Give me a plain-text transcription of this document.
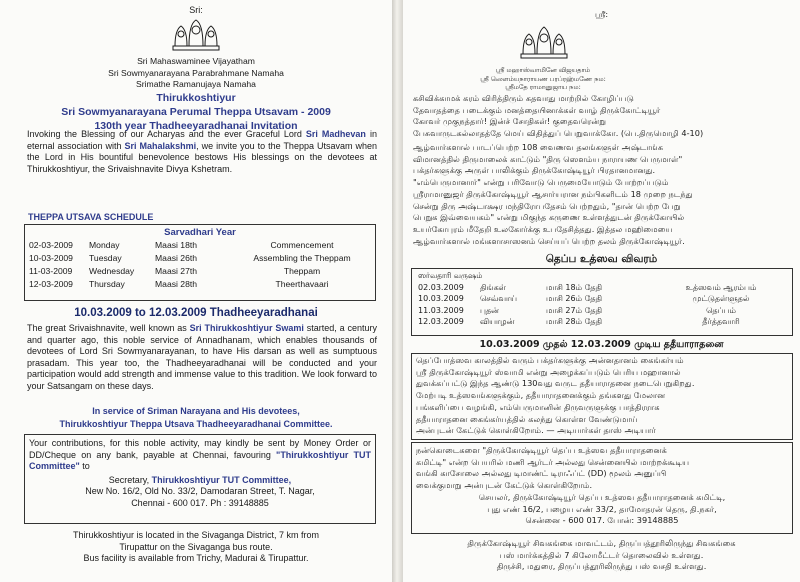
Sri:
Sri Mahaswaminee Vijayatham
Sri Sowmyanarayana Parabrahmane Namaha
Srimathe Ramanujaya Namaha
Thirukkoshtiyur
Sri Sowmyanarayana Perumal Theppa Utsavam - 2009
130th year Thadheeyaradhanai Invitation

Invoking the Blessing of our Acharyas and the ever Graceful Lord Sri Madhevan in eternal association with Sri Mahalakshmi, we invite you to the Theppa Utsavam when the Lord in His bountiful benevolence bestows His blessings on the devotees at Thirukkoshtiyur, the Srivaishnavite Divya Kshetram.

THEPPA UTSAVA SCHEDULE
Sarvadhari Year
02-03-2009	Monday	Maasi 18th	Commencement
10-03-2009	Tuesday	Maasi 26th	Assembling the Theppam
11-03-2009	Wednesday	Maasi 27th	Theppam
12-03-2009	Thursday	Maasi 28th	Theerthavaari
10.03.2009 to 12.03.2009 Thadheeyaradhanai

The great Srivaishnavite, well known as Sri Thirukkoshtiyur Swami started, a century and quarter ago, this noble service of Annadhanam, which enables thousands of devotees of Lord Sri Sowmyanarayanan, to have His darsan as well as sumptuous prasadam. This year too, the Thadheeyaradhanai will be conducted and your participation would add strength and immense value to this tradition. We look forward to your Satsangam on these days.

In service of Sriman Narayana and His devotees,
Thirukkoshtiyur Theppa Utsava Thadheeyaradhanai Committee.

Your contributions, for this noble activity, may kindly be sent by Money Order or DD/Cheque on any bank, payable at Chennai, favouring "Thirukkoshtiyur TUT Committee" to

Secretary, Thirukkoshtiyur TUT Committee,
New No. 16/2, Old No. 33/2, Damodaran Street, T. Nagar,
Chennai - 600 017. Ph : 39148885
Thirukkoshtiyur is located in the Sivaganga District, 7 km from
Tirupattur on the Sivaganga bus route.
Bus facility is available from Trichy, Madurai & Tirupattur.
ஸ்ரீ:
ஸ்ரீ மஹாஸ்வாமினே விஜயதாம்
ஸ்ரீ ஸௌம்யநாராயண பரப்ரஹ்மணே நம:
ஸ்ரீமதே ராமானுஜாய நம:
கசிவிக்காமக் கரம் விரித்திரும் கதவாது மாற்றில் கோழிப்படு
தேவாதத்தை படைக்கும் மனத்தையினாக்கள் வாழ் திருக்கோட்டியூர்
கோவர் முகுநத்தார்! இன்ச் சோதிகள்! குதைவரென்று
பேசுவாருடகல்லாதத்தே மெய் விதித்துப் பெறுவாக்கோ. (பெ.திருமொழி 4-10)
ஆழ்வார்களால் பாடப்பெற்ற 108 வைணவ தலங்களுள் அஷ்டாங்க
விமானத்தில் திருமாலைக் காட்டும் "திரு ஸௌம்ய நாராயண பெருமாள்"
பக்தர்களுக்கு அருள் பாலிக்கும் திருக்கோஷ்டியூர் பிரதானமானது.
"எம்பெருமானார்" என்று பரிவோடு பெருமையோடும் போற்றப்படும்
ஸ்ரீராமானுஜர் திருக்கோஷ்டியூர் ஆசார்யரான நம்பிகளிடம் 18 முறை நடந்து
சென்று திரு அஷ்டாக்ஷர மந்திரோபதேசம் பெற்றதும், "தான் பெற்ற பேறு
பெறுக இவ்வையகம்" என்று மிகுந்த கருணை உள்ளத்துடன் திருக்கோயில்
உயர்கோபுரம் மீதேறி உலகோர்க்கு உபதேசித்தது. இத்தல மஹிமையை
ஆழ்வார்களால் மங்களாசாஸனம் செய்யப் பெற்ற தலம் திருக்கோஷ்டியூர்.
தெப்ப உத்ஸவ விவரம்
ஸர்வதாரி வருஷம்
02.03.2009	திங்கள்	மாசி 18ம் தேதி	உத்ஸவம் ஆரம்பம்
10.03.2009	செவ்வாய்	மாசி 26ம் தேதி	முட்டுதள்ளுதல்
11.03.2009	புதன்	மாசி 27ம் தேதி	தெப்பம்
12.03.2009	வியாழன்	மாசி 28ம் தேதி	தீர்த்தவாரி
10.03.2009 முதல் 12.03.2009 முடிய ததீயாராதனை
தெப்போத்ஸவ காலத்தில் வரும் பக்தர்களுக்கு அன்னதானம் கைங்கர்யம்
ஸ்ரீ திருக்கோஷ்டியூர் ஸ்வாமி என்று அழைக்கப்படும் பெரிய மஹானால்
துவக்கப்பட்டு இந்த ஆண்டு 130வது வருட ததீயாராதனை நடைபெறுகிறது.
மேற்படி உத்ஸவங்களுக்கும், ததீயாராதனைக்கும் தங்களது மேலான
பங்களிப்பை வழங்கி, எம்பெருமானின் திருவருளுக்கு பாத்திரராக
ததீயாராதனை கைங்கர்யத்தில் கலந்து கொள்ள வேண்டுமாய்
அன்புடன் கேட்டுக் கொள்கிறோம். — அடியார்கள் தாஸ் அடியார்
நன்கொடைகளை "திருக்கோஷ்டியூர் தெப்ப உத்ஸவ ததீயாராதனைக்
கமிட்டி" என்ற பெயரில் மணி ஆர்டர் அல்லது சென்னையில் மாற்றக்கூடிய
வங்கி காசோலை அல்லது டிமாண்ட் டிராஃப்ட் (DD) மூலம் அனுப்பி
வைக்குமாறு அன்புடன் கேட்டுக் கொள்கிறோம்.
செயலர், திருக்கோஷ்டியூர் தெப்ப உத்ஸவ ததீயாராதனைக் கமிட்டி,
புது எண் 16/2, பழைய எண் 33/2, தாமோதரன் தெரு, தி.நகர்,
சென்னை - 600 017. போன்: 39148885
திருக்கோஷ்டியூர் சிவகங்கை மாவட்டம், திருப்பத்தூரிலிருந்து சிவகங்கை
பஸ் மார்க்கத்தில் 7 கிலோமீட்டர் தொலைவில் உள்ளது.
திருச்சி, மதுரை, திருப்பத்தூரிலிருந்து பஸ் வசதி உள்ளது.
